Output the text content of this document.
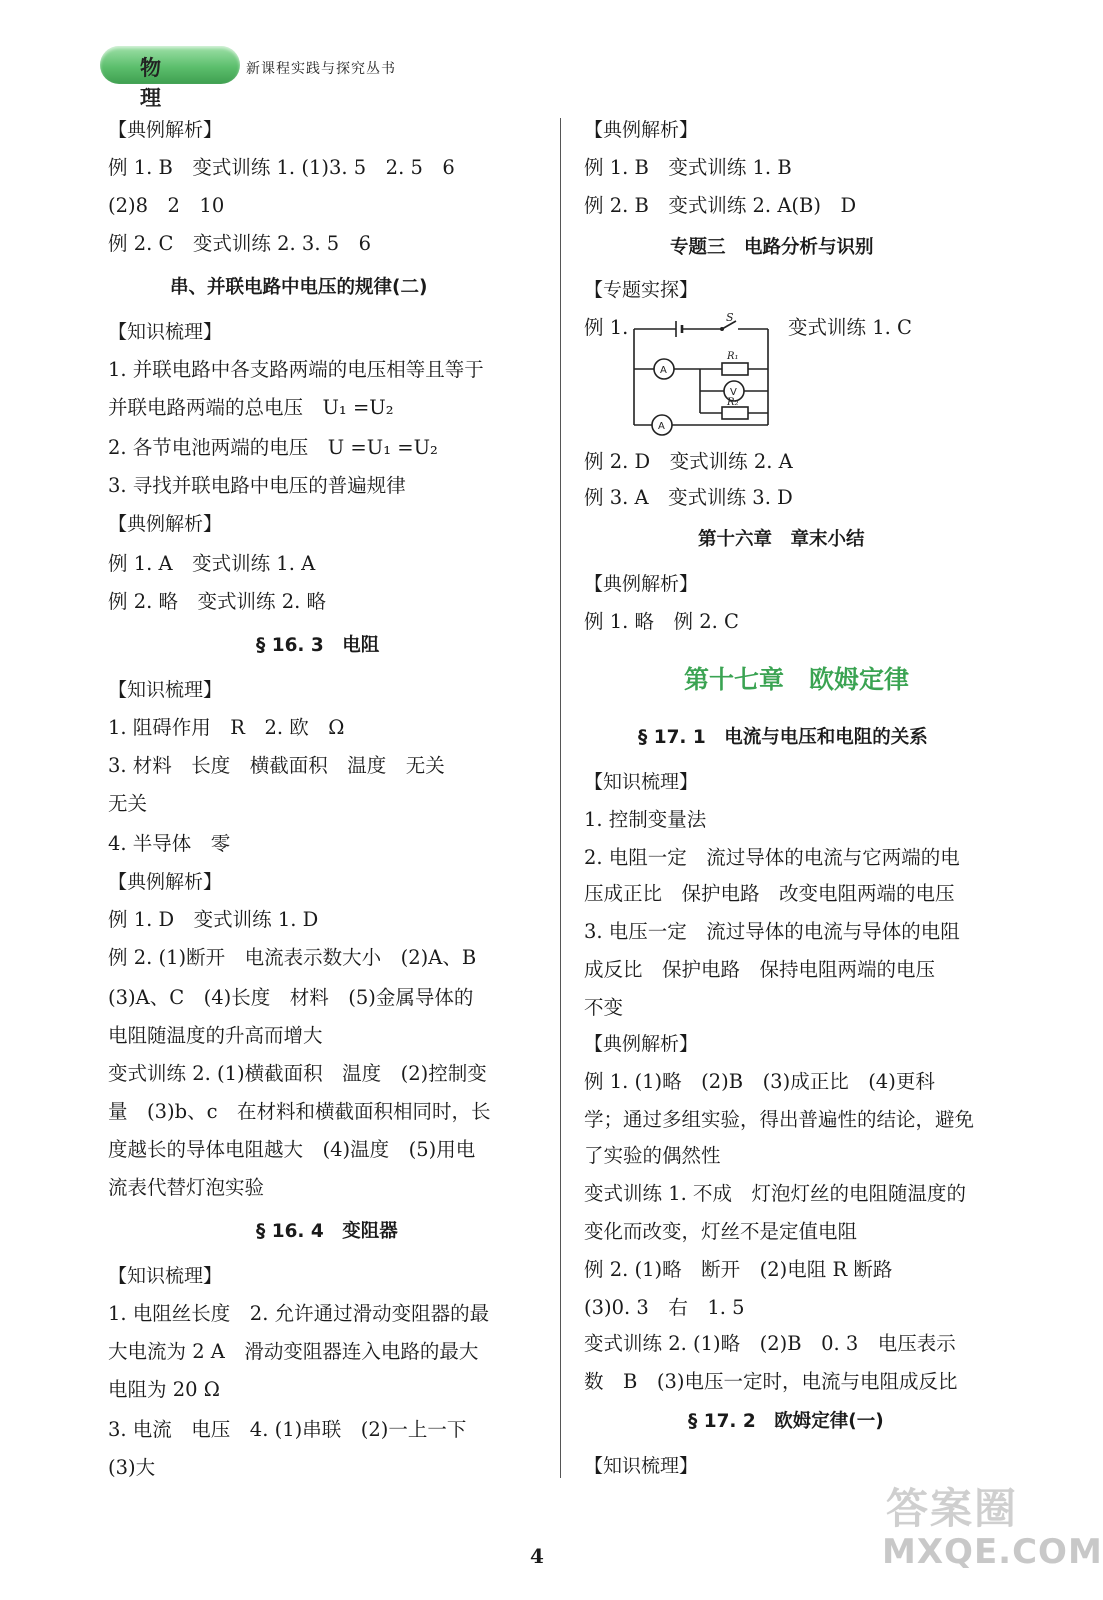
物理
新课程实践与探究丛书
【典例解析】
例 1. B　变式训练 1. (1)3. 5　2. 5　6
(2)8　2　10
例 2. C　变式训练 2. 3. 5　6
串、并联电路中电压的规律(二)
【知识梳理】
1. 并联电路中各支路两端的电压相等且等于
并联电路两端的总电压　U₁ =U₂
2. 各节电池两端的电压　U =U₁ =U₂
3. 寻找并联电路中电压的普遍规律
【典例解析】
例 1. A　变式训练 1. A
例 2. 略　变式训练 2. 略
§ 16. 3　电阻
【知识梳理】
1. 阻碍作用　R　2. 欧　Ω
3. 材料　长度　横截面积　温度　无关
无关
4. 半导体　零
【典例解析】
例 1. D　变式训练 1. D
例 2. (1)断开　电流表示数大小　(2)A、B
(3)A、C　(4)长度　材料　(5)金属导体的
电阻随温度的升高而增大
变式训练 2. (1)横截面积　温度　(2)控制变
量　(3)b、c　在材料和横截面积相同时，长
度越长的导体电阻越大　(4)温度　(5)用电
流表代替灯泡实验
§ 16. 4　变阻器
【知识梳理】
1. 电阻丝长度　2. 允许通过滑动变阻器的最
大电流为 2 A　滑动变阻器连入电路的最大
电阻为 20 Ω
3. 电流　电压　4. (1)串联　(2)一上一下
(3)大
【典例解析】
例 1. B　变式训练 1. B
例 2. B　变式训练 2. A(B)　D
专题三　电路分析与识别
【专题实探】
例 1.	变式训练 1. C
例 2. D　变式训练 2. A
例 3. A　变式训练 3. D
第十六章　章末小结
【典例解析】
例 1. 略　例 2. C
第十七章　欧姆定律
§ 17. 1　电流与电压和电阻的关系
【知识梳理】
1. 控制变量法
2. 电阻一定　流过导体的电流与它两端的电
压成正比　保护电路　改变电阻两端的电压
3. 电压一定　流过导体的电流与导体的电阻
成反比　保护电路　保持电阻两端的电压
不变
【典例解析】
例 1. (1)略　(2)B　(3)成正比　(4)更科
学；通过多组实验，得出普遍性的结论，避免
了实验的偶然性
变式训练 1. 不成　灯泡灯丝的电阻随温度的
变化而改变，灯丝不是定值电阻
例 2. (1)略　断开　(2)电阻 R 断路
(3)0. 3　右　1. 5
变式训练 2. (1)略　(2)B　0. 3　电压表示
数　B　(3)电压一定时，电流与电阻成反比
§ 17. 2　欧姆定律(一)
【知识梳理】
S
R₁
R₂
A
V
A
4
答案圈
MXQE.COM
